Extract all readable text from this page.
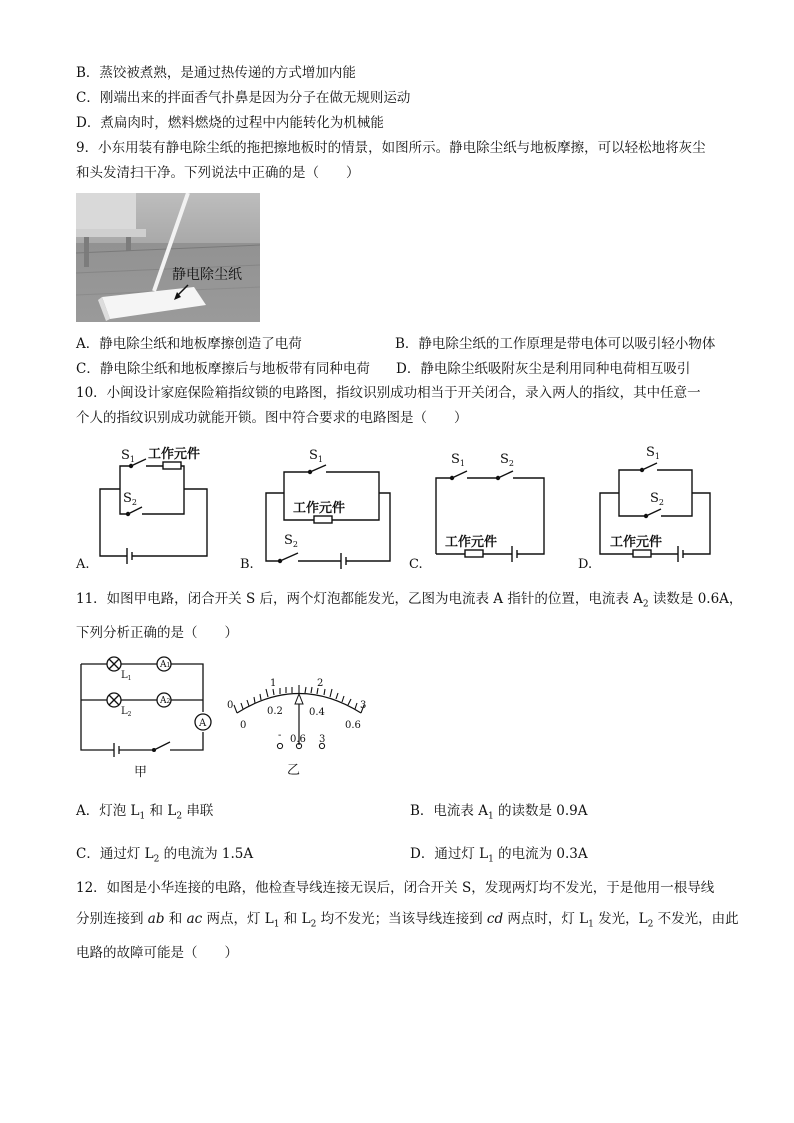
B．蒸饺被煮熟，是通过热传递的方式增加内能
C．刚端出来的拌面香气扑鼻是因为分子在做无规则运动
D．煮扁肉时，燃料燃烧的过程中内能转化为机械能
9．小东用装有静电除尘纸的拖把擦地板时的情景，如图所示。静电除尘纸与地板摩擦，可以轻松地将灰尘
和头发清扫干净。下列说法中正确的是（　　）
静电除尘纸
A．静电除尘纸和地板摩擦创造了电荷	B．静电除尘纸的工作原理是带电体可以吸引轻小物体
C．静电除尘纸和地板摩擦后与地板带有同种电荷 D．静电除尘纸吸附灰尘是利用同种电荷相互吸引
10．小闽设计家庭保险箱指纹锁的电路图，指纹识别成功相当于开关闭合，录入两人的指纹，其中任意一
个人的指纹识别成功就能开锁。图中符合要求的电路图是（　　）
$S_1$ 工作元件
$S_2$
$S_1$
工作元件
$S_2$
$S_1$	$S_2$
工作元件
$S_1$
$S_2$
工作元件
A.	B.	C.	D.
11．如图甲电路，闭合开关 S 后，两个灯泡都能发光，乙图为电流表 A 指针的位置，电流表 $A_2$ 读数是 0.6A，
下列分析正确的是（　　）
A1
A2
A
$L_1$
$L_2$
甲
0
1	2
3
0
0.2	0.4
0.6
- 0.6 3
乙
A．灯泡 $L_1$ 和 $L_2$ 串联	B．电流表 $A_1$ 的读数是 0.9A
C．通过灯 $L_2$ 的电流为 1.5A	D．通过灯 $L_1$ 的电流为 0.3A
12．如图是小华连接的电路，他检查导线连接无误后，闭合开关 S，发现两灯均不发光，于是他用一根导线
分别连接到 ab 和 ac 两点，灯 $L_1$ 和 $L_2$ 均不发光；当该导线连接到 cd 两点时，灯 $L_1$ 发光，$L_2$ 不发光，由此
电路的故障可能是（　　）
